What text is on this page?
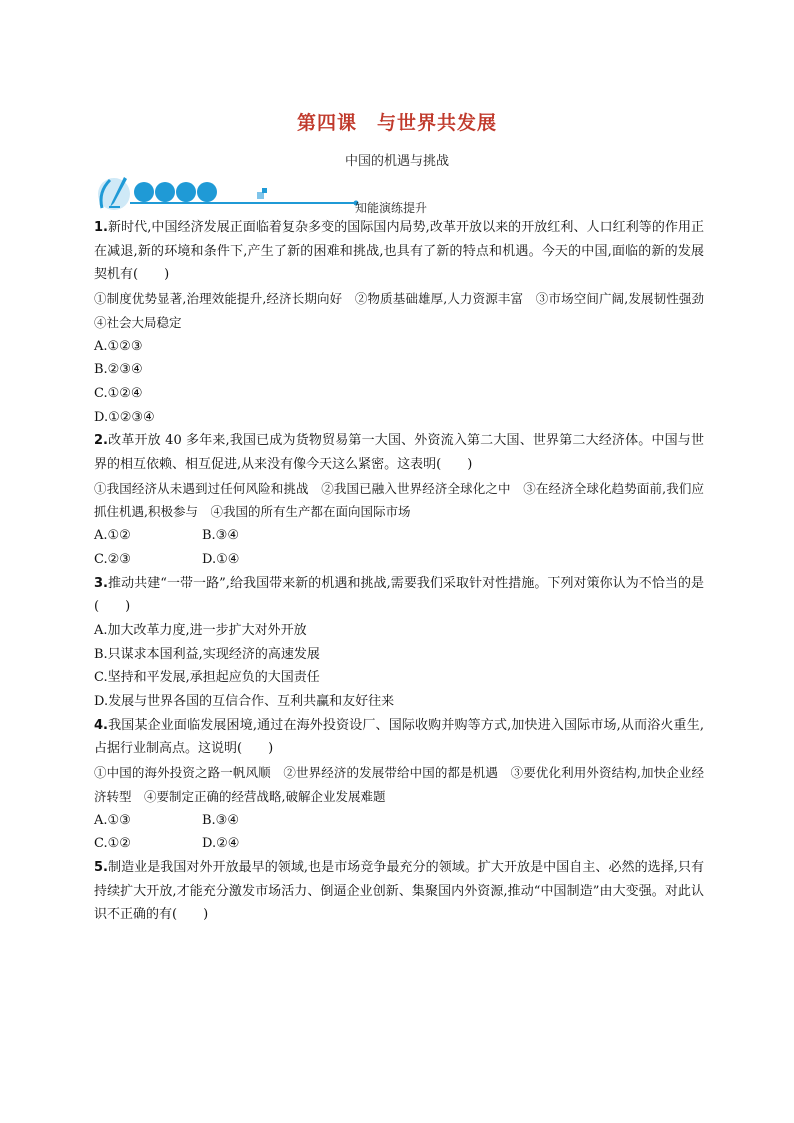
第四课　与世界共发展
中国的机遇与挑战
知能演练提升

1.新时代,中国经济发展正面临着复杂多变的国际国内局势,改革开放以来的开放红利、人口红利等的作用正在减退,新的环境和条件下,产生了新的困难和挑战,也具有了新的特点和机遇。今天的中国,面临的新的发展契机有(　　)

①制度优势显著,治理效能提升,经济长期向好　②物质基础雄厚,人力资源丰富　③市场空间广阔,发展韧性强劲　④社会大局稳定

A.①②③

B.②③④

C.①②④

D.①②③④

2.改革开放 40 多年来,我国已成为货物贸易第一大国、外资流入第二大国、世界第二大经济体。中国与世界的相互依赖、相互促进,从来没有像今天这么紧密。这表明(　　)

①我国经济从未遇到过任何风险和挑战　②我国已融入世界经济全球化之中　③在经济全球化趋势面前,我们应抓住机遇,积极参与　④我国的所有生产都在面向国际市场

A.①②	B.③④
C.②③	D.①④

3.推动共建“一带一路”,给我国带来新的机遇和挑战,需要我们采取针对性措施。下列对策你认为不恰当的是(　　)

A.加大改革力度,进一步扩大对外开放

B.只谋求本国利益,实现经济的高速发展

C.坚持和平发展,承担起应负的大国责任

D.发展与世界各国的互信合作、互利共赢和友好往来

4.我国某企业面临发展困境,通过在海外投资设厂、国际收购并购等方式,加快进入国际市场,从而浴火重生,占据行业制高点。这说明(　　)

①中国的海外投资之路一帆风顺　②世界经济的发展带给中国的都是机遇　③要优化利用外资结构,加快企业经济转型　④要制定正确的经营战略,破解企业发展难题

A.①③	B.③④
C.①②	D.②④

5.制造业是我国对外开放最早的领域,也是市场竞争最充分的领域。扩大开放是中国自主、必然的选择,只有持续扩大开放,才能充分激发市场活力、倒逼企业创新、集聚国内外资源,推动“中国制造”由大变强。对此认识不正确的有(　　)
